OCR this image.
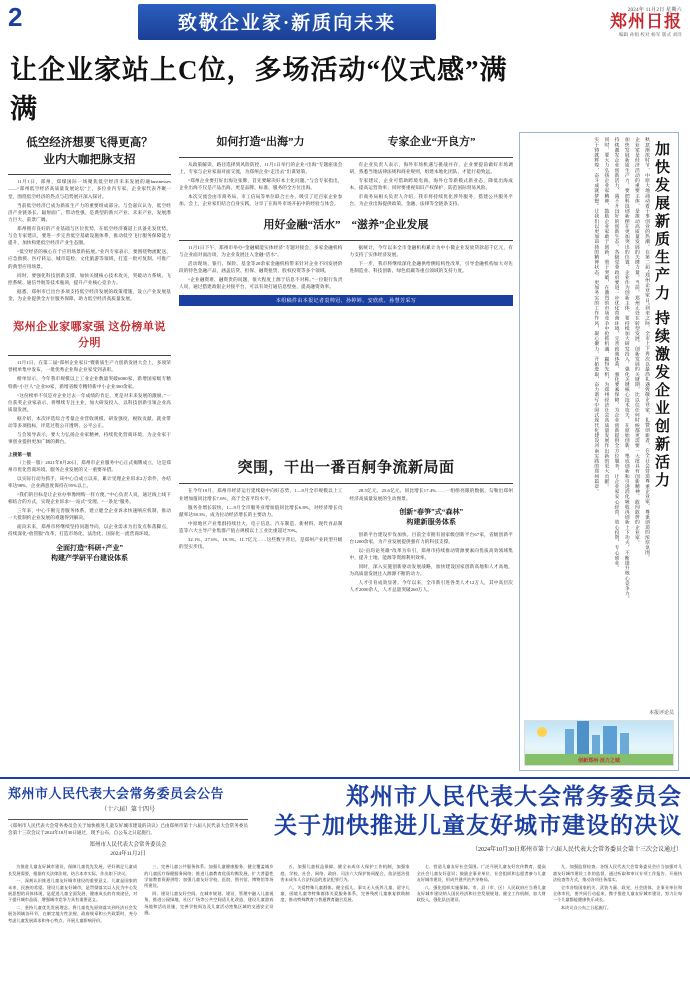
2	致敬企业家·新质向未来
2024年 11月2日 星期六
郑州日报
编辑 孙娟 校对 杨军 版式 刘洋
让企业家站上C位，多场活动“仪式感”满满
低空经济想要飞得更高？
业内大咖把脉支招

11月1日，郑州，郑煤国际一场聚焦低空经济未来发展的通businesses——“郑州低空经济高质量发展论坛”上，多位业内专家、企业家代表齐聚一堂，围绕低空经济的热点与趋势展开深入探讨。

当前低空经济已成为新质生产力的重要组成部分。与会嘉宾认为，低空经济产业链条长、辐射面广、带动性强，是典型的新兴产业、未来产业，发展潜力巨大、前景广阔。

郑州拥有良好的产业基础与区位优势，在低空经济赛道上具备先发优势。与会专家建议，要进一步完善低空基础设施体系，推动低空飞行服务保障能力提升，加快构建低空经济产业生态圈。

“低空经济的核心在于应用场景的拓展。”业内专家表示，要围绕物流配送、应急救援、医疗转运、城市巡检、文化旅游等领域，打造一批可复制、可推广的典型应用场景。

同时，要强化科技创新支撑，加快关键核心技术攻关，突破动力系统、飞控系统、通信导航等技术瓶颈，提升产业核心竞争力。

据悉，郑州市已出台多项支持低空经济发展的政策措施，设立产业发展基金，为企业提供全方位服务保障，助力低空经济高质量发展。

如何打造“出海”力	专家企业“开良方”

从政策解读、路径选择到风险防控，11月1日举行的企业“出海”专题座谈会上，专家与企业家面对面交流，为郑州企业“走出去”出谋划策。

“郑州企业要打好出海这张牌，首先要解决好本土化问题。”与会专家指出，企业出海不仅是产品出海，更是品牌、标准、服务的全方位出海。

本次交流会由市商务局、市工信局等单位联合主办，吸引了近百家企业参加。会上，企业家们结合自身实践，分享了在海外市场开拓中的经验与体会。

有企业负责人表示，海外市场机遇与挑战并存，企业要提前做好市场调研，熟悉当地法律法规和商业规则，组建本地化团队，才能行稳致远。

专家建议，企业可借助跨境电商、海外仓等新模式新业态，降低出海成本，提高运营效率；同时要重视知识产权保护，防范国际贸易风险。

市商务局相关负责人介绍，我市将持续优化涉外服务，搭建公共服务平台，为企业出海提供政策、金融、法律等全链条支持。

用好金融“活水” “滋养”企业发展

11月1日下午，郑州市举办“金融赋能实体经济”专题对接会，多家金融机构与企业面对面洽谈，为企业发展注入金融“活水”。

活动现场，银行、保险、基金等20余家金融机构带来针对企业不同发展阶段的特色金融产品，涵盖信贷、担保、融资租赁、股权投资等多个领域。

“企业融资难、融资贵的问题，很大程度上源于信息不对称。”一位银行负责人说，通过搭建政银企对接平台，可以有效打通信息壁垒，提高融资效率。

据统计，今年以来全市金融机构累计为中小微企业发放贷款超千亿元，有力支持了实体经济发展。

下一步，我市将继续深化金融供给侧结构性改革，引导金融机构加大对先进制造业、科技创新、绿色低碳等重点领域的支持力度。

本组稿件由本报记者袁帅冠、孙婷婷、安欣欣、孙慧芳采写
郑州企业家哪家强 这份榜单说分明

11月1日，在第二届“郑州企业家日”暨新质生产力创新发展大会上，多项荣誉榜单集中发布，一批优秀企业和企业家受到表彰。

榜单显示，今年我市规模以上工业企业数量突破6000家，新增国家级专精特新“小巨人”企业50家，新增省级专精特新中小企业300余家。

“这份榜单不仅是对企业过去一年成绩的肯定，更是对未来发展的激励。”一位获奖企业家表示，将继续专注主业，加大研发投入，以科技创新引领企业高质量发展。

据介绍，本次评选综合考量企业营收规模、研发强度、税收贡献、就业带动等多项指标，评选过程公开透明、公平公正。

与会领导表示，要大力弘扬企业家精神，持续优化营商环境，为企业家干事创业提供更加广阔的舞台。

上接第一版

（上接一版）2021年8月20日，郑州市企业服务中心正式揭牌成立，这是郑州市优化营商环境、服务企业发展的又一重要举措。

以实际行动为抓手，该中心自成立以来，累计受理企业诉求2万余件，办结率达98%，企业满意度保持在95%以上。

“我们的目标是让企业办事像网购一样方便。”中心负责人说，通过线上线下相结合的方式，实现企业诉求“一站式”受理、“一条龙”服务。

三年来，中心不断完善服务体系，建立健全企业诉求快速响应机制，推动一大批制约企业发展的难题得到解决。

面向未来，郑州市将继续坚持问题导向，以企业需求为出发点和落脚点，持续深化“放管服”改革，打造市场化、法治化、国际化一流营商环境。

全面打造“科研+产业”
构建产学研平台建设体系
突围，干出一番百舸争流新局面

在今年10月，郑州市经济运行延续稳中向好态势，1—9月全市规模以上工业增加值同比增长7.6%，高于全省平均水平。

服务业增长较快，1—9月全市服务业增加值同比增长6.8%，对经济增长贡献率达58.3%，成为拉动经济增长的主要动力。

中原地区产业集群持续壮大，电子信息、汽车制造、新材料、现代食品制造等六大主导产业集群产值占规模以上工业比重超过70%。

32.1%、27.6%、19.3%、11.7亿元……这些数字背后，是郑州产业转型升级的坚实步伐。

28.5亿元、25.6亿元、同比增长17.4%……一组组亮眼的数据，勾勒出郑州经济高质量发展的生动图景。

创新“春笋”式“森林”
构建新服务体系

创新平台建设步伐加快。目前全市拥有国家级创新平台67家，省级创新平台1200余家，为产业发展提供强有力的科技支撑。

以“亩均论英雄”改革为牵引，郑州市持续推动资源要素向优质高效领域集中，提升土地、能源等资源利用效率。

同时，深入实施创新驱动发展战略，加快建设国家创新高地和人才高地，为高质量发展注入源源不断的动力。

人才引育成效显著。今年以来，全市新引进各类人才12万人，其中高层次人才2000余人，人才总量突破260万人。

加快发展新质生产力 持续激发企业创新活力
秋意渐浓时节，中原大地涌动着干事创业的热潮。在第二届“郑州企业家日”到来之际，全市上下再次以最高礼遇致敬企业家、礼赞创新者，在全社会营造尊重企业家、尊重创造的浓厚氛围。
企业家是经济活动的重要主体，是推动高质量发展的关键力量。当前，郑州正处在转型发展、创新发展的关键期，比以往任何时候都更需要一大批具有创新精神、敢闯敢拼的企业家。
加快发展新质生产力，要把科技创新摆在更加突出的位置。企业作为创新主体，要持续加大研发投入，强化关键核心技术攻关，在原始创新、集成创新和引进消化吸收再创新上下功夫，不断提升核心竞争力。
持续激发企业创新活力，离不开良好的创新生态。各级党委政府要进一步优化营商环境，完善政策体系，强化要素保障，为企业创新提供全方位服务，让企业家安心经营、放心投资、专心创业。
同时，要大力弘扬企业家精神，鼓励企业家敢于创新、勇于突破，在激烈的市场竞争中抢抓机遇、赢得先机，为郑州经济社会高质量发展作出新的更大贡献。
实干铸就辉煌，奋斗成就梦想。让我们以更加昂扬的精神状态、更加务实的工作作风，凝心聚力、开拓进取，奋力谱写中国式现代化建设河南实践的郑州篇章。
本报评论员
创新郑州·活力之城
郑州市人民代表大会常务委员会公告
（十六届）第十四号
《郑州市人民代表大会常务委员会关于加快推进儿童友好城市建设的决议》已由郑州市第十六届人民代表大会常务委员会第十三次会议于2024年10月30日通过，现予公布，自公布之日起施行。
郑州市人民代表大会常务委员会
2024年11月2日
郑州市人民代表大会常务委员会
关于加快推进儿童友好城市建设的决议
（2024年10月30日郑州市第十六届人民代表大会常务委员会第十三次会议通过）

为推进儿童友好城市建设，保障儿童优先发展，更好满足儿童成长发展需要，根据有关法律法规，结合本市实际，作出如下决议。

一、深刻认识推进儿童友好城市建设的重要意义。儿童是国家的未来、民族的希望。建设儿童友好城市，是贯彻落实以人民为中心发展思想的具体体现，是促进儿童全面发展、健康成长的有效途径，对于提升城市品质、增强城市竞争力具有重要意义。

二、坚持儿童优先发展理念。将儿童优先原则落实到经济社会发展各领域各环节，在制定地方性法规、政府规章和公共政策时，充分考虑儿童发展需求和身心特点，开展儿童影响评价。

三、完善儿童公共服务体系。加强儿童健康服务，健全覆盖城乡的儿童医疗保健服务网络；推进儿童教育优质均衡发展，扩大普惠性学前教育资源供给；加强儿童友好学校、医院、图书馆、博物馆等场所建设。

四、建设儿童友好空间。在城市规划、建设、管理中融入儿童视角，推进公园绿地、社区广场等公共空间适儿化改造，建设儿童游戏场地和活动设施，完善学校周边及儿童活动密集区域的交通安全设施。

五、加强儿童权益保障。健全未成年人保护工作机制，加强家庭、学校、社会、网络、政府、司法六大保护协同配合，依法惩治侵害未成年人合法权益的违法犯罪行为。

六、关爱特殊儿童群体。健全孤儿、事实无人抚养儿童、留守儿童、困境儿童等特殊群体关爱服务体系，完善残疾儿童康复救助制度，推动特殊教育与普通教育融合发展。

七、营造儿童友好社会氛围。广泛开展儿童友好宣传教育，提高全社会儿童友好意识；鼓励企事业单位、社会组织和志愿者参与儿童友好城市建设，形成共建共治共享格局。

八、强化组织实施保障。市、县（市、区）人民政府应当将儿童友好城市建设纳入国民经济和社会发展规划，健全工作机制，加大财政投入，强化队伍建设。

九、加强监督检查。各级人民代表大会常务委员会应当加强对儿童友好城市建设工作的监督，通过听取和审议专项工作报告、开展执法检查等方式，推动各项任务落实。

全市各级国家机关、武装力量、政党、社会团体、企事业单位和全体市民，要共同行动起来，携手推进儿童友好城市建设，努力让每一个儿童都能健康快乐成长。

本决议自公布之日起施行。
